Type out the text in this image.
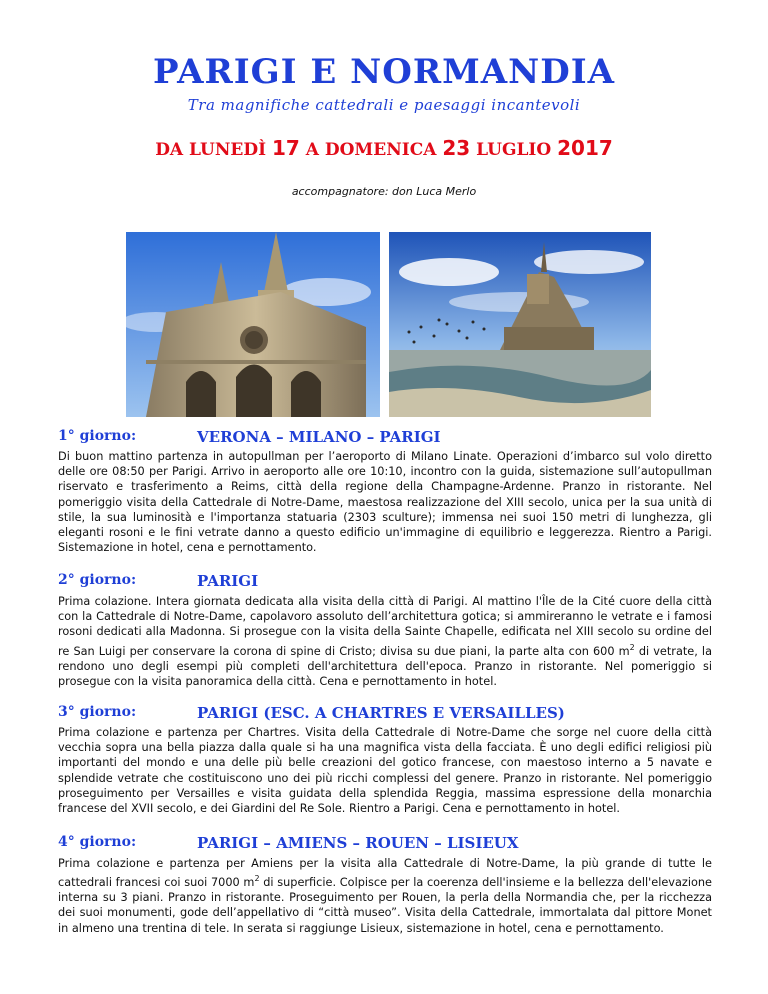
PARIGI E NORMANDIA

Tra magnifiche cattedrali e paesaggi incantevoli

DA LUNEDÌ 17 A DOMENICA 23 LUGLIO 2017

accompagnatore: don Luca Merlo

1° giorno:	VERONA – MILANO – PARIGI

Di buon mattino partenza in autopullman per l’aeroporto di Milano Linate. Operazioni d’imbarco sul volo diretto delle ore 08:50 per Parigi. Arrivo in aeroporto alle ore 10:10, incontro con la guida, sistemazione sull’autopullman riservato e trasferimento a Reims, città della regione della Champagne-Ardenne. Pranzo in ristorante. Nel pomeriggio visita della Cattedrale di Notre-Dame, maestosa realizzazione del XIII secolo, unica per la sua unità di stile, la sua luminosità e l'importanza statuaria (2303 sculture); immensa nei suoi 150 metri di lunghezza, gli eleganti rosoni e le fini vetrate danno a questo edificio un'immagine di equilibrio e leggerezza. Rientro a Parigi. Sistemazione in hotel, cena e pernottamento.

2° giorno:	PARIGI

Prima colazione. Intera giornata dedicata alla visita della città di Parigi. Al mattino l'Île de la Cité cuore della città con la Cattedrale di Notre-Dame, capolavoro assoluto dell’architettura gotica; si ammireranno le vetrate e i famosi rosoni dedicati alla Madonna. Si prosegue con la visita della Sainte Chapelle, edificata nel XIII secolo su ordine del re San Luigi per conservare la corona di spine di Cristo; divisa su due piani, la parte alta con 600 $m^2$ di vetrate, la rendono uno degli esempi più completi dell'architettura dell'epoca. Pranzo in ristorante. Nel pomeriggio si prosegue con la visita panoramica della città. Cena e pernottamento in hotel.

3° giorno:	PARIGI (ESC. A CHARTRES E VERSAILLES)

Prima colazione e partenza per Chartres. Visita della Cattedrale di Notre-Dame che sorge nel cuore della città vecchia sopra una bella piazza dalla quale si ha una magnifica vista della facciata. È uno degli edifici religiosi più importanti del mondo e una delle più belle creazioni del gotico francese, con maestoso interno a 5 navate e splendide vetrate che costituiscono uno dei più ricchi complessi del genere. Pranzo in ristorante. Nel pomeriggio proseguimento per Versailles e visita guidata della splendida Reggia, massima espressione della monarchia francese del XVII secolo, e dei Giardini del Re Sole. Rientro a Parigi. Cena e pernottamento in hotel.

4° giorno:	PARIGI – AMIENS – ROUEN – LISIEUX

Prima colazione e partenza per Amiens per la visita alla Cattedrale di Notre-Dame, la più grande di tutte le cattedrali francesi coi suoi 7000 $m^2$ di superficie. Colpisce per la coerenza dell'insieme e la bellezza dell'elevazione interna su 3 piani. Pranzo in ristorante. Proseguimento per Rouen, la perla della Normandia che, per la ricchezza dei suoi monumenti, gode dell’appellativo di “città museo”. Visita della Cattedrale, immortalata dal pittore Monet in almeno una trentina di tele. In serata si raggiunge Lisieux, sistemazione in hotel, cena e pernottamento.
